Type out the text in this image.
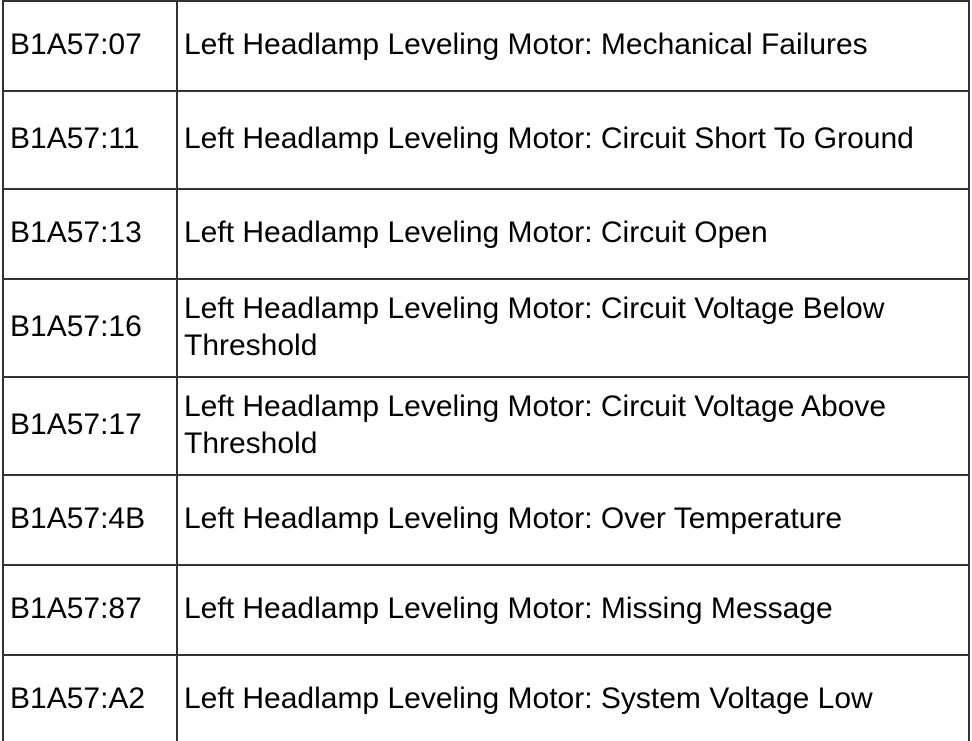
B1A57:07	Left Headlamp Leveling Motor: Mechanical Failures
B1A57:11	Left Headlamp Leveling Motor: Circuit Short To Ground
B1A57:13	Left Headlamp Leveling Motor: Circuit Open
B1A57:16	Left Headlamp Leveling Motor: Circuit Voltage Below Threshold
B1A57:17	Left Headlamp Leveling Motor: Circuit Voltage Above Threshold
B1A57:4B	Left Headlamp Leveling Motor: Over Temperature
B1A57:87	Left Headlamp Leveling Motor: Missing Message
B1A57:A2	Left Headlamp Leveling Motor: System Voltage Low
